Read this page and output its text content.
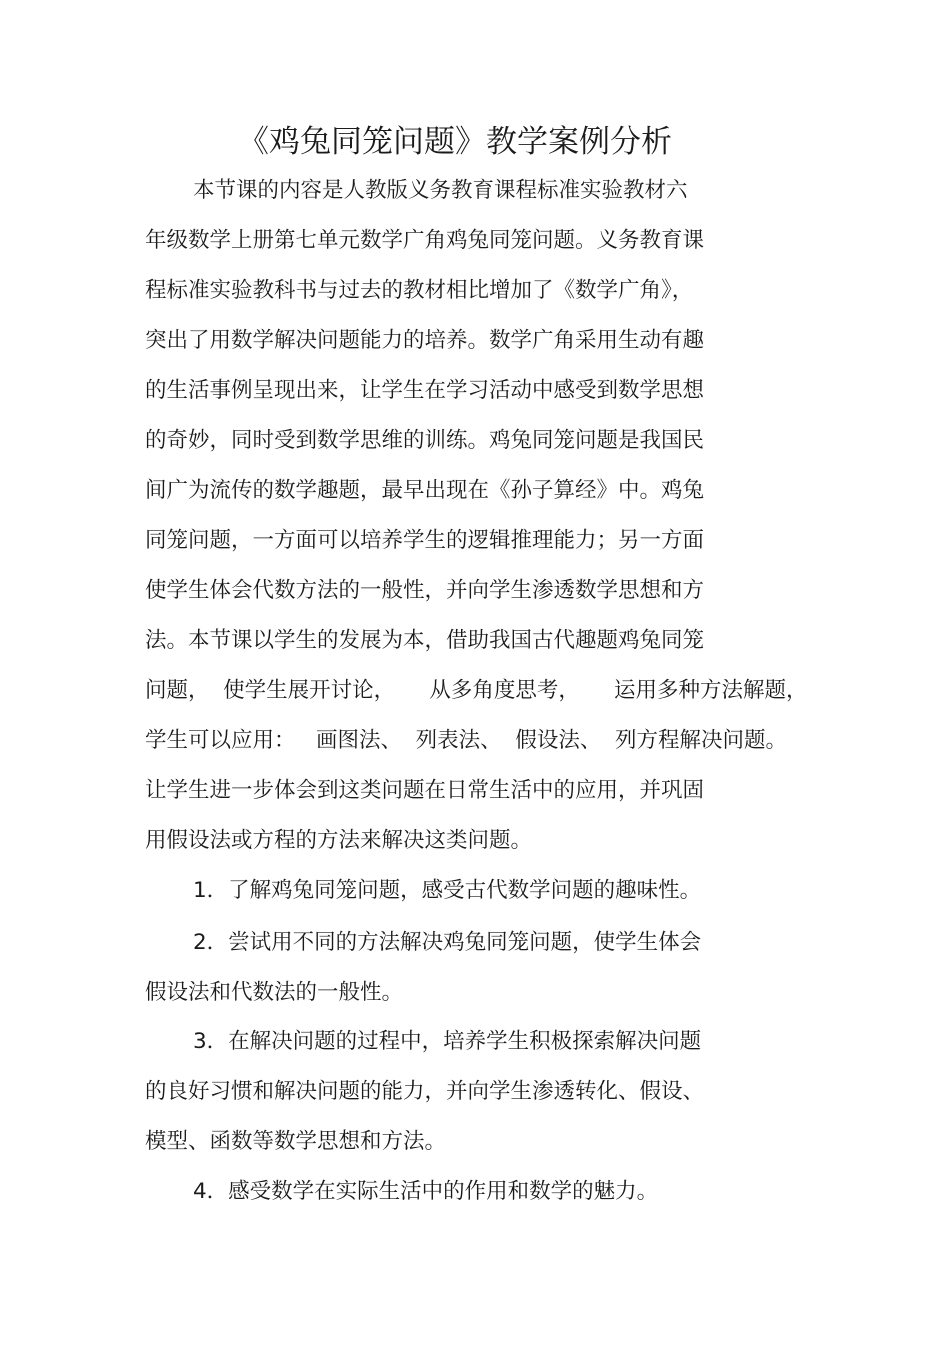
《鸡兔同笼问题》教学案例分析
本节课的内容是人教版义务教育课程标准实验教材六
年级数学上册第七单元数学广角鸡兔同笼问题。义务教育课
程标准实验教科书与过去的教材相比增加了《数学广角》，
突出了用数学解决问题能力的培养。数学广角采用生动有趣
的生活事例呈现出来，让学生在学习活动中感受到数学思想
的奇妙，同时受到数学思维的训练。鸡兔同笼问题是我国民
间广为流传的数学趣题，最早出现在《孙子算经》中。鸡兔
同笼问题，一方面可以培养学生的逻辑推理能力；另一方面
使学生体会代数方法的一般性，并向学生渗透数学思想和方
法。本节课以学生的发展为本，借助我国古代趣题鸡兔同笼
问题，  使学生展开讨论，     从多角度思考，     运用多种方法解题，
学生可以应用：   画图法、  列表法、  假设法、  列方程解决问题。
让学生进一步体会到这类问题在日常生活中的应用，并巩固
用假设法或方程的方法来解决这类问题。
1．了解鸡兔同笼问题，感受古代数学问题的趣味性。
2．尝试用不同的方法解决鸡兔同笼问题，使学生体会
假设法和代数法的一般性。
3．在解决问题的过程中，培养学生积极探索解决问题
的良好习惯和解决问题的能力，并向学生渗透转化、假设、
模型、函数等数学思想和方法。
4．感受数学在实际生活中的作用和数学的魅力。
